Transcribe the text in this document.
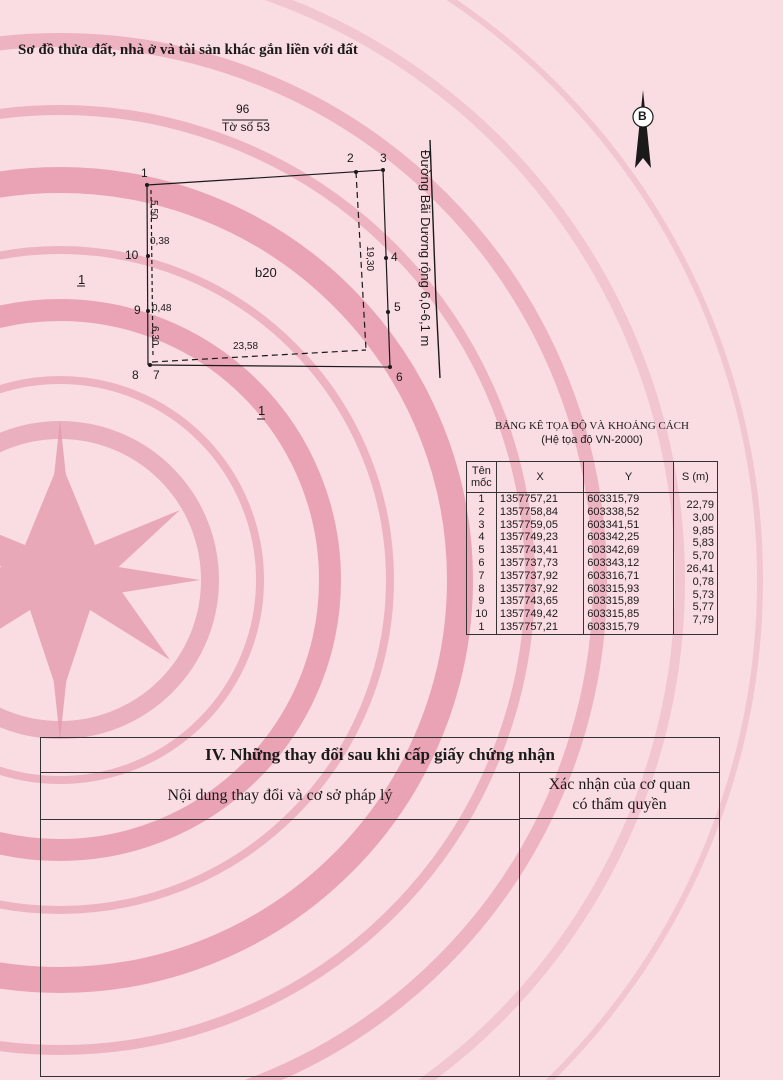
Sơ đồ thửa đất, nhà ở và tài sản khác gắn liền với đất
96
Tờ số 53
B
b20
1
1
Đường Bãi Dương rộng 6,0-6,1 m
1
2 3
4
5
6
7
8
9
10
5,50
0,38
0,48
6,30
19,30
23,58
BẢNG KÊ TỌA ĐỘ VÀ KHOẢNG CÁCH
(Hệ tọa độ VN-2000)
Tên mốc	X	Y	S (m)
1	1357757,21	603315,79	22,79
2	1357758,84	603338,52	3,00
3	1357759,05	603341,51	9,85
4	1357749,23	603342,25	5,83
5	1357743,41	603342,69	5,70
6	1357737,73	603343,12	26,41
7	1357737,92	603316,71	0,78
8	1357737,92	603315,93	5,73
9	1357743,65	603315,89	5,77
10	1357749,42	603315,85	7,79
1	1357757,21	603315,79	
IV. Những thay đổi sau khi cấp giấy chứng nhận
Nội dung thay đổi và cơ sở pháp lý
Xác nhận của cơ quan
có thẩm quyền
